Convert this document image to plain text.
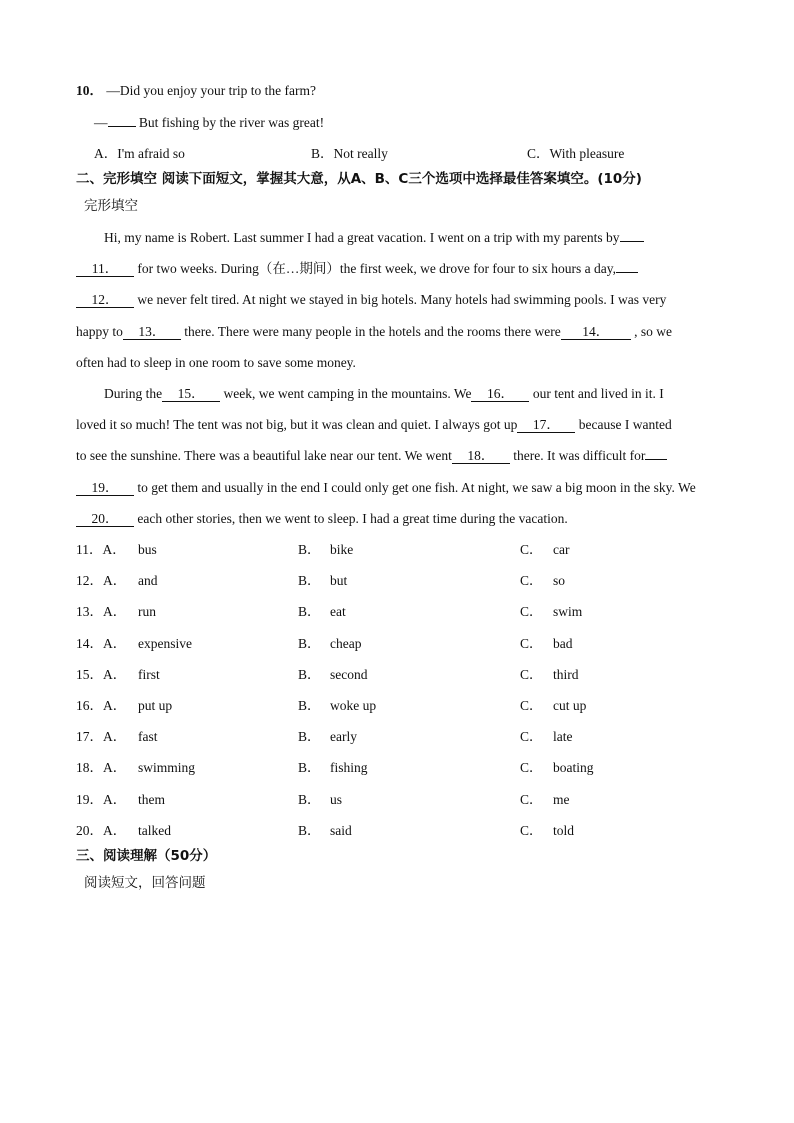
10． —Did you enjoy your trip to the farm?
— But fishing by the river was great!
A．I'm afraid so	B．Not really	C．With pleasure
二、完形填空 阅读下面短文，掌握其大意，从A、B、C三个选项中选择最佳答案填空。(10分)
完形填空
Hi, my name is Robert. Last summer I had a great vacation. I went on a trip with my parents by
11． for two weeks. During（在…期间）the first week, we drove for four to six hours a day,
12． we never felt tired. At night we stayed in big hotels. Many hotels had swimming pools. I was very
happy to 13． there. There were many people in the hotels and the rooms there were 14． , so we
often had to sleep in one room to save some money.
During the 15． week, we went camping in the mountains. We 16． our tent and lived in it. I
loved it so much! The tent was not big, but it was clean and quiet. I always got up 17． because I wanted
to see the sunshine. There was a beautiful lake near our tent. We went 18． there. It was difficult for
19． to get them and usually in the end I could only get one fish. At night, we saw a big moon in the sky. We
20． each other stories, then we went to sleep. I had a great time during the vacation.
11．A． bus	B． bike	C． car
12．A． and	B． but	C． so
13．A． run	B． eat	C． swim
14．A． expensive	B． cheap	C． bad
15．A． first	B． second	C． third
16．A． put up	B． woke up	C． cut up
17．A． fast	B． early	C． late
18．A． swimming	B． fishing	C． boating
19．A． them	B． us	C． me
20．A． talked	B． said	C． told
三、阅读理解（50分）
阅读短文，回答问题
